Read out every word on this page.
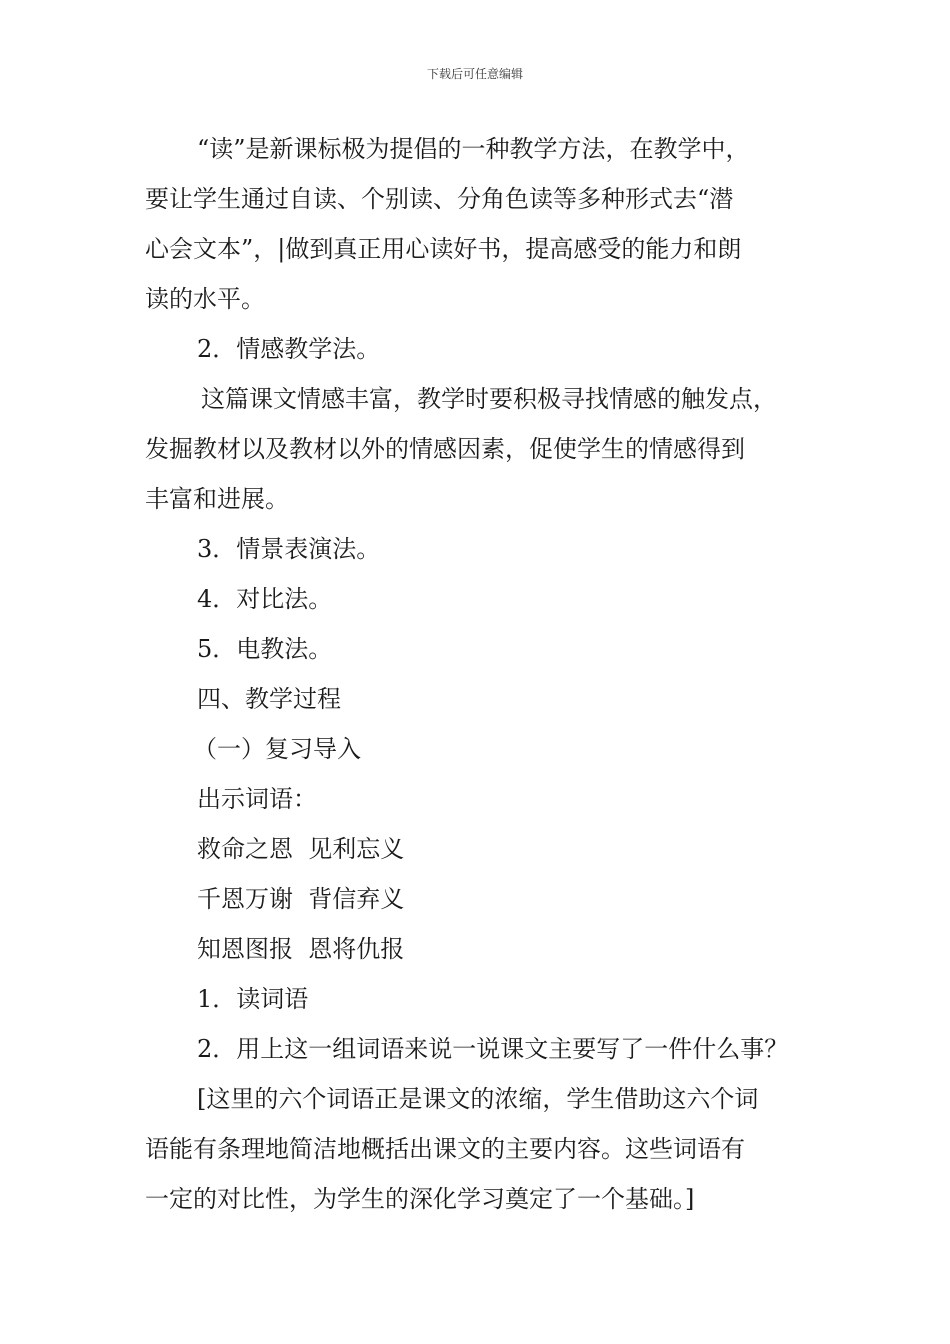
下载后可任意编辑
“读”是新课标极为提倡的一种教学方法，在教学中，
要让学生通过自读、个别读、分角色读等多种形式去“潜
心会文本”，|做到真正用心读好书，提高感受的能力和朗
读的水平。
2．情感教学法。
这篇课文情感丰富，教学时要积极寻找情感的触发点，
发掘教材以及教材以外的情感因素，促使学生的情感得到
丰富和进展。
3．情景表演法。
4．对比法。
5．电教法。
四、教学过程
（一）复习导入
出示词语：
救命之恩  见利忘义
千恩万谢  背信弃义
知恩图报  恩将仇报
1．读词语
2．用上这一组词语来说一说课文主要写了一件什么事？
[这里的六个词语正是课文的浓缩，学生借助这六个词
语能有条理地简洁地概括出课文的主要内容。这些词语有
一定的对比性，为学生的深化学习奠定了一个基础。]
